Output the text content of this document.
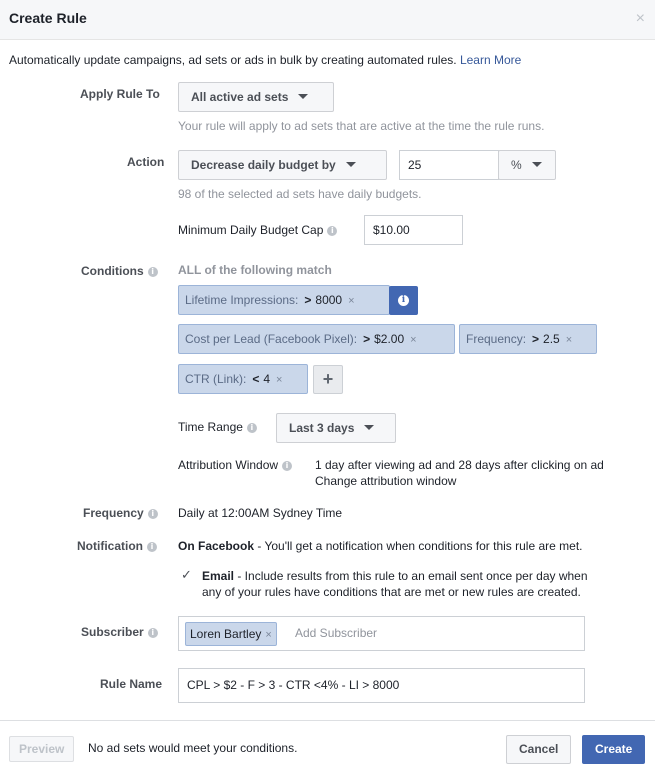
Create Rule	×
Automatically update campaigns, ad sets or ads in bulk by creating automated rules. Learn More
Apply Rule To	All active ad sets
Your rule will apply to ad sets that are active at the time the rule runs.
Action	Decrease daily budget by	25	%
98 of the selected ad sets have daily budgets.
Minimum Daily Budget Cap i	$10.00
Conditions i	ALL of the following match
Lifetime Impressions: > 8000 ×	i
Cost per Lead (Facebook Pixel): > $2.00 ×	Frequency: > 2.5 ×
CTR (Link): < 4 ×	+
Time Range i	Last 3 days
Attribution Window i	1 day after viewing ad and 28 days after clicking on ad
Change attribution window
Frequency i	Daily at 12:00AM Sydney Time
Notification i	On Facebook - You'll get a notification when conditions for this rule are met.
✓ Email - Include results from this rule to an email sent once per day when
any of your rules have conditions that are met or new rules are created.
Subscriber i	Loren Bartley ×	Add Subscriber
Rule Name	CPL > $2 - F > 3 - CTR <4% - LI > 8000
Preview	No ad sets would meet your conditions.	Cancel	Create
